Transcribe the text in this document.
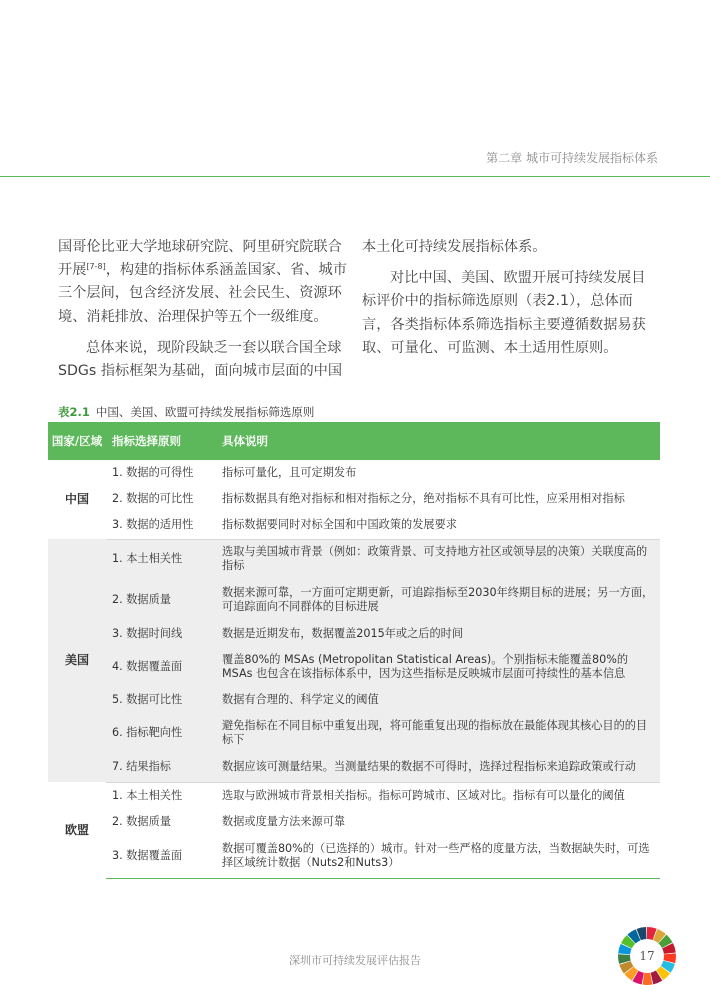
第二章 城市可持续发展指标体系

国哥伦比亚大学地球研究院、阿里研究院联合开展[7-8]，构建的指标体系涵盖国家、省、城市三个层间，包含经济发展、社会民生、资源环境、消耗排放、治理保护等五个一级维度。

总体来说，现阶段缺乏一套以联合国全球SDGs 指标框架为基础，面向城市层面的中国

本土化可持续发展指标体系。

对比中国、美国、欧盟开展可持续发展目标评价中的指标筛选原则（表2.1），总体而言，各类指标体系筛选指标主要遵循数据易获取、可量化、可监测、本土适用性原则。

表2.1 中国、美国、欧盟可持续发展指标筛选原则
国家/区域	指标选择原则	具体说明
中国	1. 数据的可得性	指标可量化，且可定期发布
	2. 数据的可比性	指标数据具有绝对指标和相对指标之分，绝对指标不具有可比性，应采用相对指标
	3. 数据的适用性	指标数据要同时对标全国和中国政策的发展要求
美国	1. 本土相关性	选取与美国城市背景（例如：政策背景、可支持地方社区或领导层的决策）关联度高的指标
	2. 数据质量	数据来源可靠，一方面可定期更新，可追踪指标至2030年终期目标的进展；另一方面，可追踪面向不同群体的目标进展
	3. 数据时间线	数据是近期发布，数据覆盖2015年或之后的时间
	4. 数据覆盖面	覆盖80%的 MSAs (Metropolitan Statistical Areas)。个别指标未能覆盖80%的 MSAs 也包含在该指标体系中，因为这些指标是反映城市层面可持续性的基本信息
	5. 数据可比性	数据有合理的、科学定义的阈值
	6. 指标靶向性	避免指标在不同目标中重复出现，将可能重复出现的指标放在最能体现其核心目的的目标下
	7. 结果指标	数据应该可测量结果。当测量结果的数据不可得时，选择过程指标来追踪政策或行动
欧盟	1. 本土相关性	选取与欧洲城市背景相关指标。指标可跨城市、区域对比。指标有可以量化的阈值
	2. 数据质量	数据或度量方法来源可靠
	3. 数据覆盖面	数据可覆盖80%的（已选择的）城市。针对一些严格的度量方法，当数据缺失时，可选择区域统计数据（Nuts2和Nuts3）
深圳市可持续发展评估报告	17
